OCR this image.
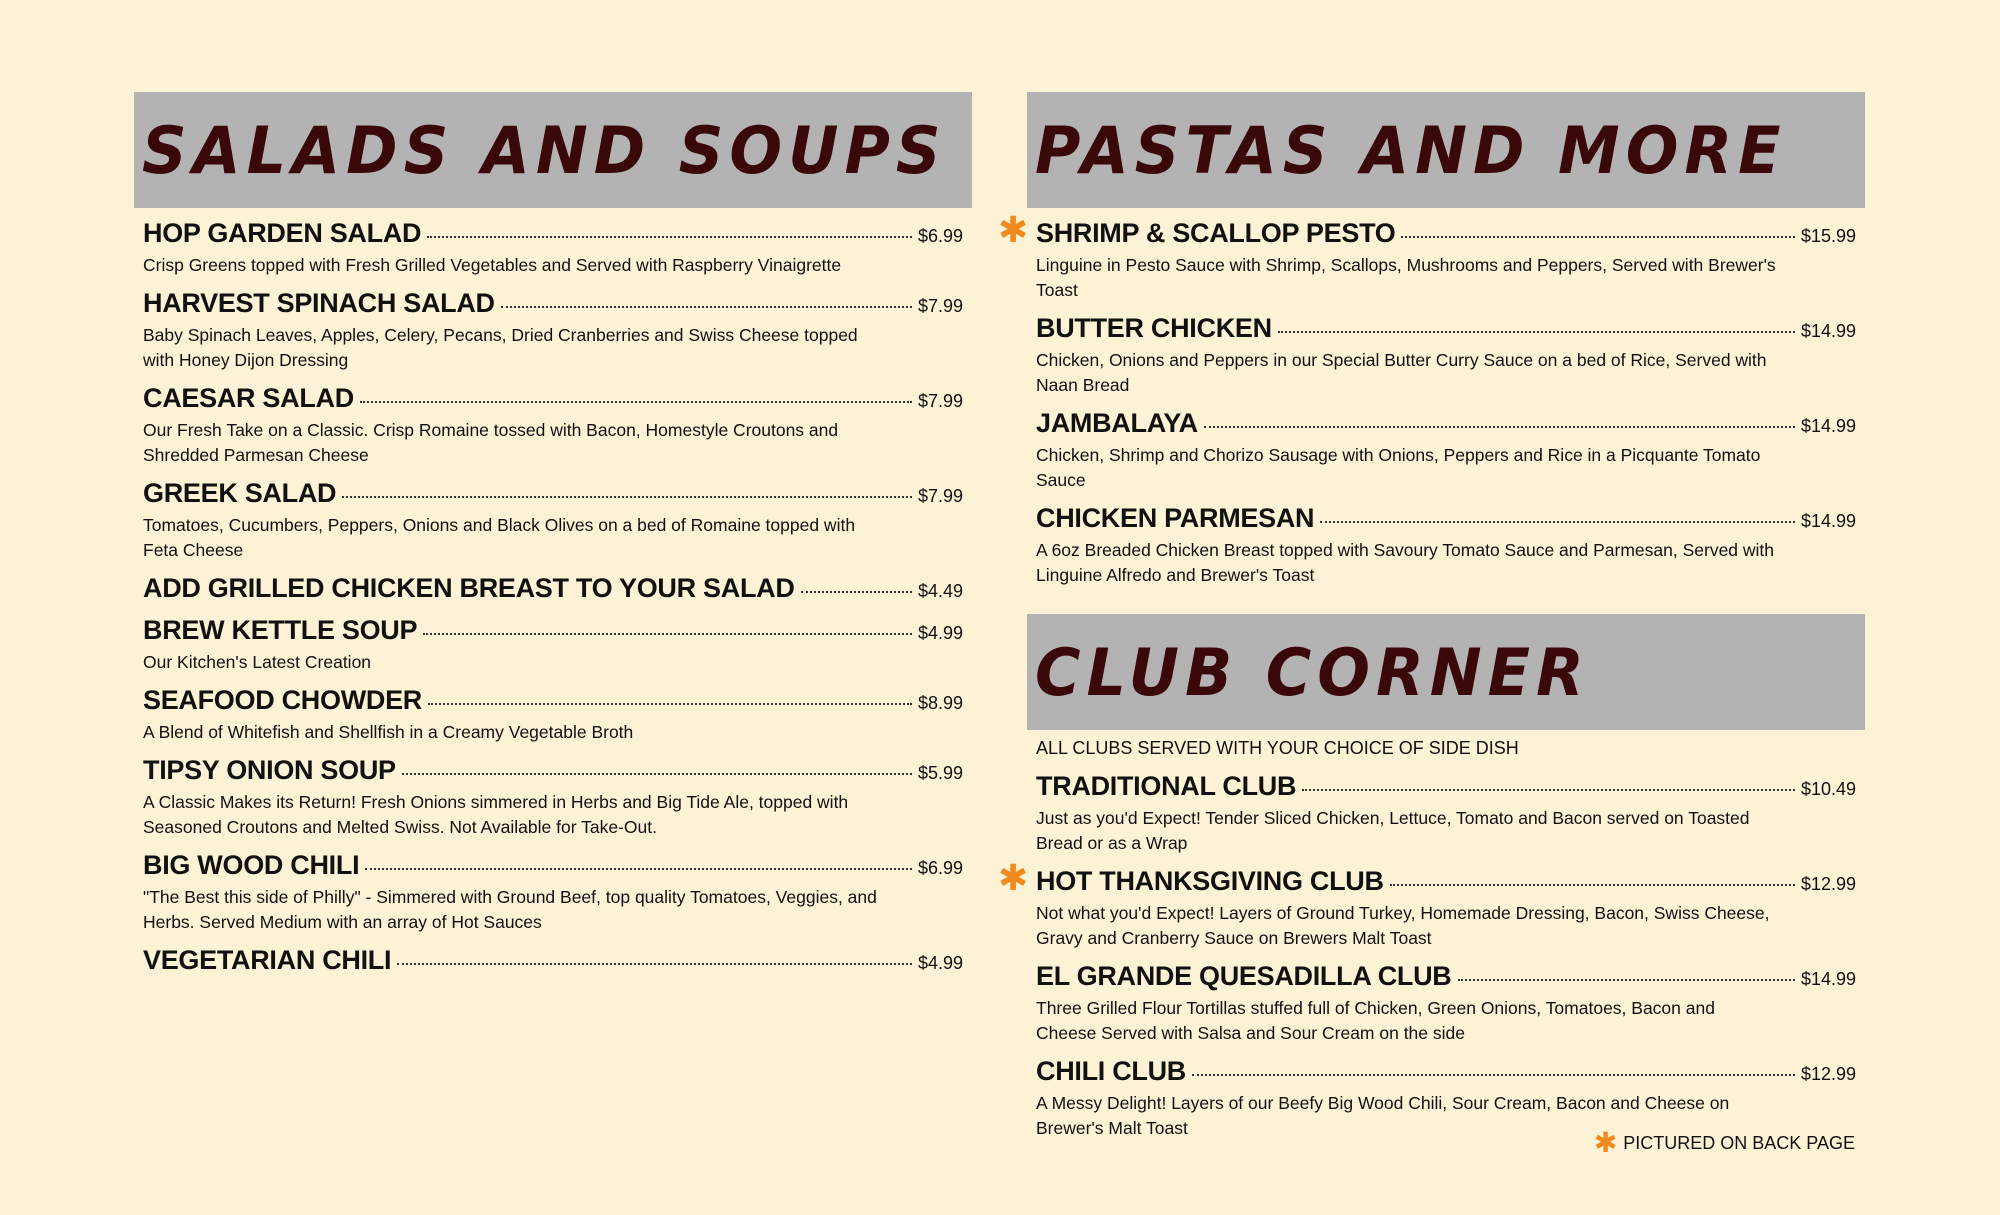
SALADS AND SOUPS
HOP GARDEN SALAD	$6.99
Crisp Greens topped with Fresh Grilled Vegetables and Served with Raspberry Vinaigrette
HARVEST SPINACH SALAD	$7.99
Baby Spinach Leaves, Apples, Celery, Pecans, Dried Cranberries and Swiss Cheese topped with Honey Dijon Dressing
CAESAR SALAD	$7.99
Our Fresh Take on a Classic. Crisp Romaine tossed with Bacon, Homestyle Croutons and Shredded Parmesan Cheese
GREEK SALAD	$7.99
Tomatoes, Cucumbers, Peppers, Onions and Black Olives on a bed of Romaine topped with Feta Cheese
ADD GRILLED CHICKEN BREAST TO YOUR SALAD	$4.49
BREW KETTLE SOUP	$4.99
Our Kitchen's Latest Creation
SEAFOOD CHOWDER	$8.99
A Blend of Whitefish and Shellfish in a Creamy Vegetable Broth
TIPSY ONION SOUP	$5.99
A Classic Makes its Return! Fresh Onions simmered in Herbs and Big Tide Ale, topped with Seasoned Croutons and Melted Swiss. Not Available for Take-Out.
BIG WOOD CHILI	$6.99
"The Best this side of Philly" - Simmered with Ground Beef, top quality Tomatoes, Veggies, and Herbs. Served Medium with an array of Hot Sauces
VEGETARIAN CHILI	$4.99
PASTAS AND MORE
✱ SHRIMP & SCALLOP PESTO	$15.99
Linguine in Pesto Sauce with Shrimp, Scallops, Mushrooms and Peppers, Served with Brewer's Toast
BUTTER CHICKEN	$14.99
Chicken, Onions and Peppers in our Special Butter Curry Sauce on a bed of Rice, Served with Naan Bread
JAMBALAYA	$14.99
Chicken, Shrimp and Chorizo Sausage with Onions, Peppers and Rice in a Picquante Tomato Sauce
CHICKEN PARMESAN	$14.99
A 6oz Breaded Chicken Breast topped with Savoury Tomato Sauce and Parmesan, Served with Linguine Alfredo and Brewer's Toast
CLUB CORNER
ALL CLUBS SERVED WITH YOUR CHOICE OF SIDE DISH
TRADITIONAL CLUB	$10.49
Just as you'd Expect! Tender Sliced Chicken, Lettuce, Tomato and Bacon served on Toasted Bread or as a Wrap
✱ HOT THANKSGIVING CLUB	$12.99
Not what you'd Expect! Layers of Ground Turkey, Homemade Dressing, Bacon, Swiss Cheese, Gravy and Cranberry Sauce on Brewers Malt Toast
EL GRANDE QUESADILLA CLUB	$14.99
Three Grilled Flour Tortillas stuffed full of Chicken, Green Onions, Tomatoes, Bacon and Cheese Served with Salsa and Sour Cream on the side
CHILI CLUB	$12.99
A Messy Delight! Layers of our Beefy Big Wood Chili, Sour Cream, Bacon and Cheese on Brewer's Malt Toast	✱ PICTURED ON BACK PAGE
